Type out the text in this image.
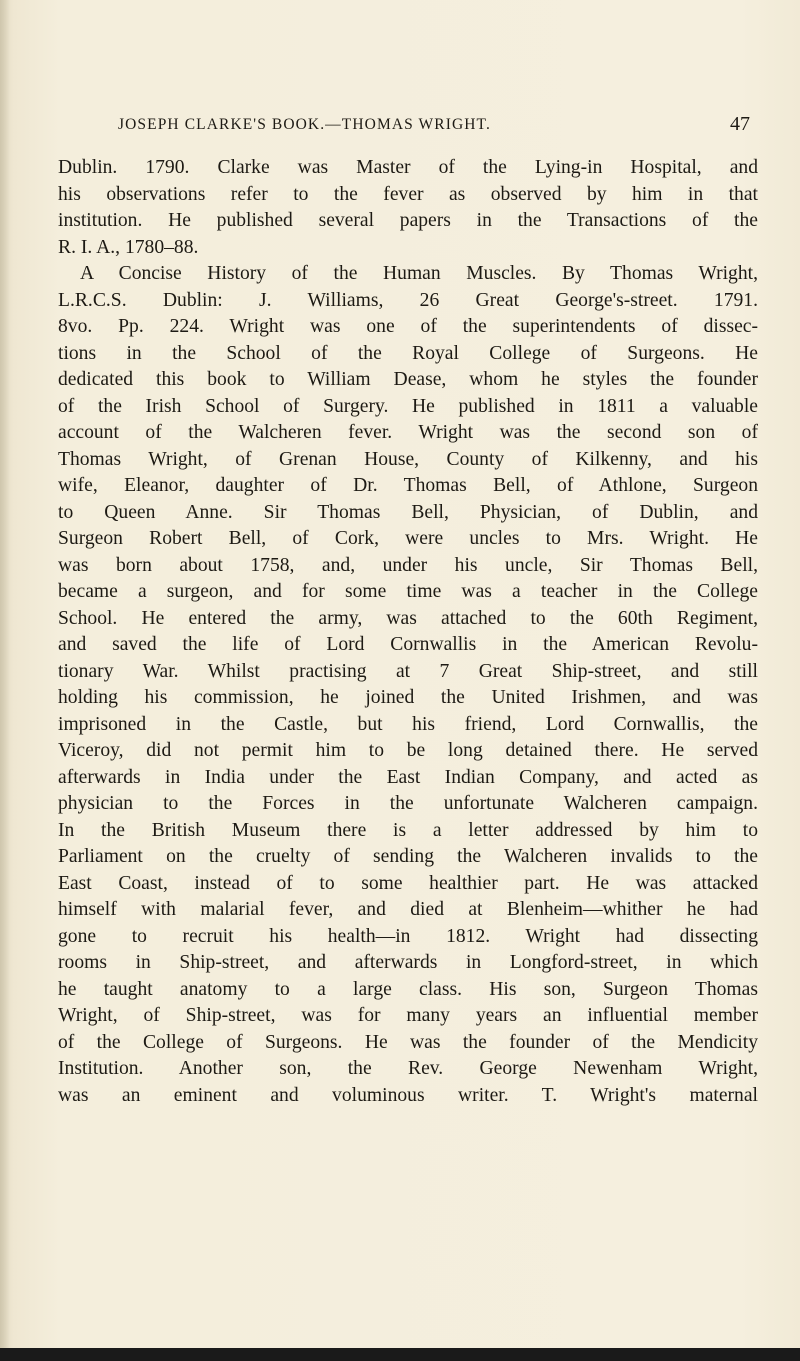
JOSEPH CLARKE'S BOOK.—THOMAS WRIGHT.	47
Dublin. 1790. Clarke was Master of the Lying-in Hospital, and
his observations refer to the fever as observed by him in that
institution. He published several papers in the Transactions of the
R. I. A., 1780–88.
A Concise History of the Human Muscles. By Thomas Wright,
L.R.C.S. Dublin: J. Williams, 26 Great George's-street. 1791.
8vo. Pp. 224. Wright was one of the superintendents of dissec-
tions in the School of the Royal College of Surgeons. He
dedicated this book to William Dease, whom he styles the founder
of the Irish School of Surgery. He published in 1811 a valuable
account of the Walcheren fever. Wright was the second son of
Thomas Wright, of Grenan House, County of Kilkenny, and his
wife, Eleanor, daughter of Dr. Thomas Bell, of Athlone, Surgeon
to Queen Anne. Sir Thomas Bell, Physician, of Dublin, and
Surgeon Robert Bell, of Cork, were uncles to Mrs. Wright. He
was born about 1758, and, under his uncle, Sir Thomas Bell,
became a surgeon, and for some time was a teacher in the College
School. He entered the army, was attached to the 60th Regiment,
and saved the life of Lord Cornwallis in the American Revolu-
tionary War. Whilst practising at 7 Great Ship-street, and still
holding his commission, he joined the United Irishmen, and was
imprisoned in the Castle, but his friend, Lord Cornwallis, the
Viceroy, did not permit him to be long detained there. He served
afterwards in India under the East Indian Company, and acted as
physician to the Forces in the unfortunate Walcheren campaign.
In the British Museum there is a letter addressed by him to
Parliament on the cruelty of sending the Walcheren invalids to the
East Coast, instead of to some healthier part. He was attacked
himself with malarial fever, and died at Blenheim—whither he had
gone to recruit his health—in 1812. Wright had dissecting
rooms in Ship-street, and afterwards in Longford-street, in which
he taught anatomy to a large class. His son, Surgeon Thomas
Wright, of Ship-street, was for many years an influential member
of the College of Surgeons. He was the founder of the Mendicity
Institution. Another son, the Rev. George Newenham Wright,
was an eminent and voluminous writer. T. Wright's maternal
